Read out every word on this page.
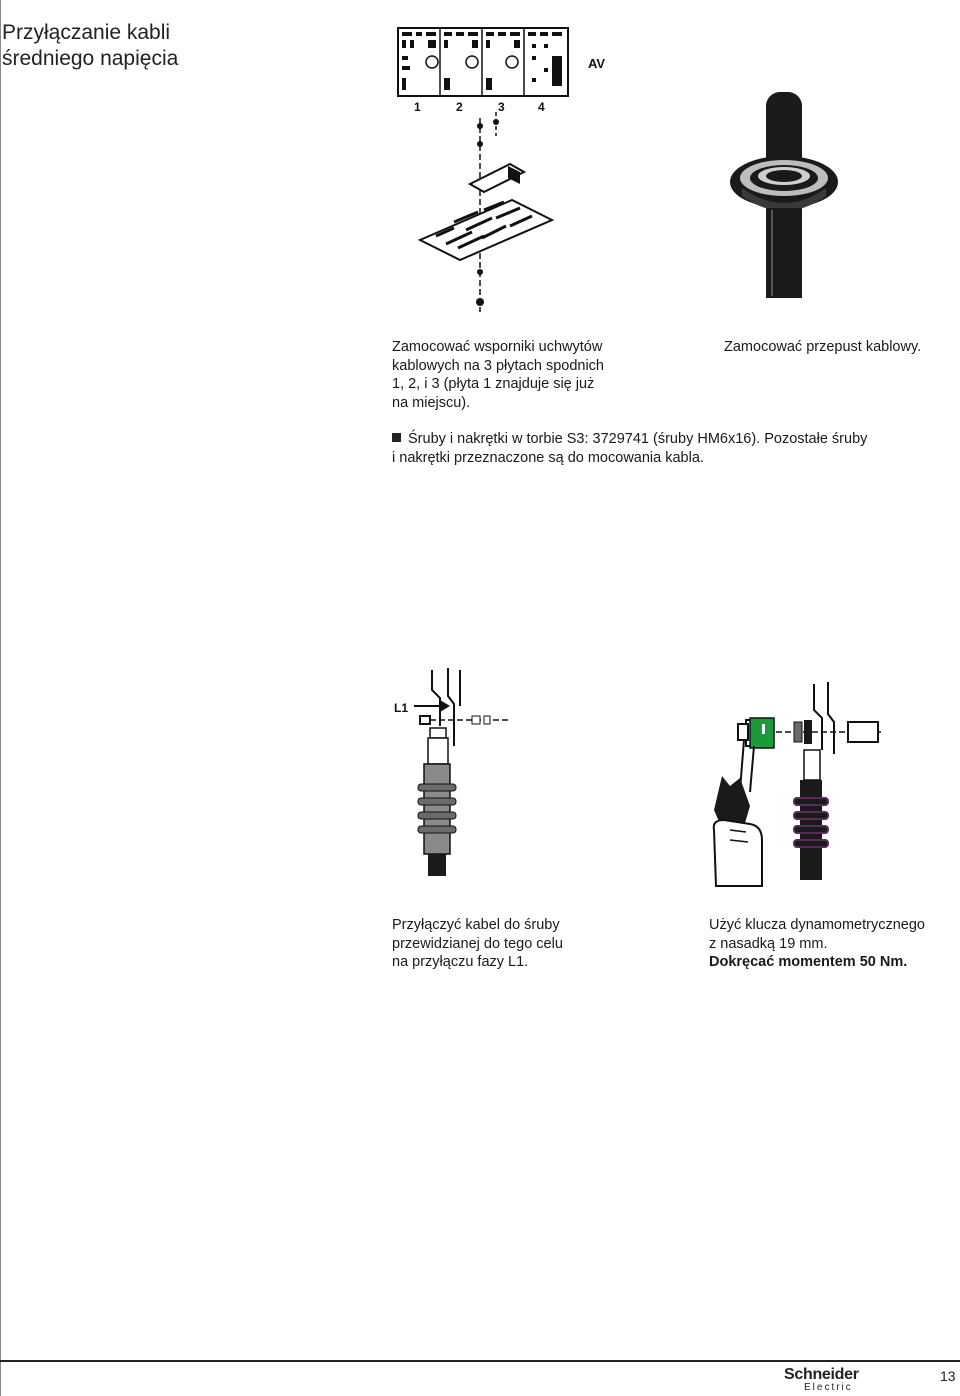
Przyłączanie kabli
średniego napięcia	AV
1	2	3	4
Zamocować wsporniki uchwytów
kablowych na 3 płytach spodnich
1, 2, i 3 (płyta 1 znajduje się już
na miejscu).
Zamocować przepust kablowy.
Śruby i nakrętki w torbie S3: 3729741 (śruby HM6x16). Pozostałe śruby
i nakrętki przeznaczone są do mocowania kabla.
L1
Przyłączyć kabel do śruby
przewidzianej do tego celu
na przyłączu fazy L1.
Użyć klucza dynamometrycznego
z nasadką 19 mm.
Dokręcać momentem 50 Nm.
Schneider
Electric
13
